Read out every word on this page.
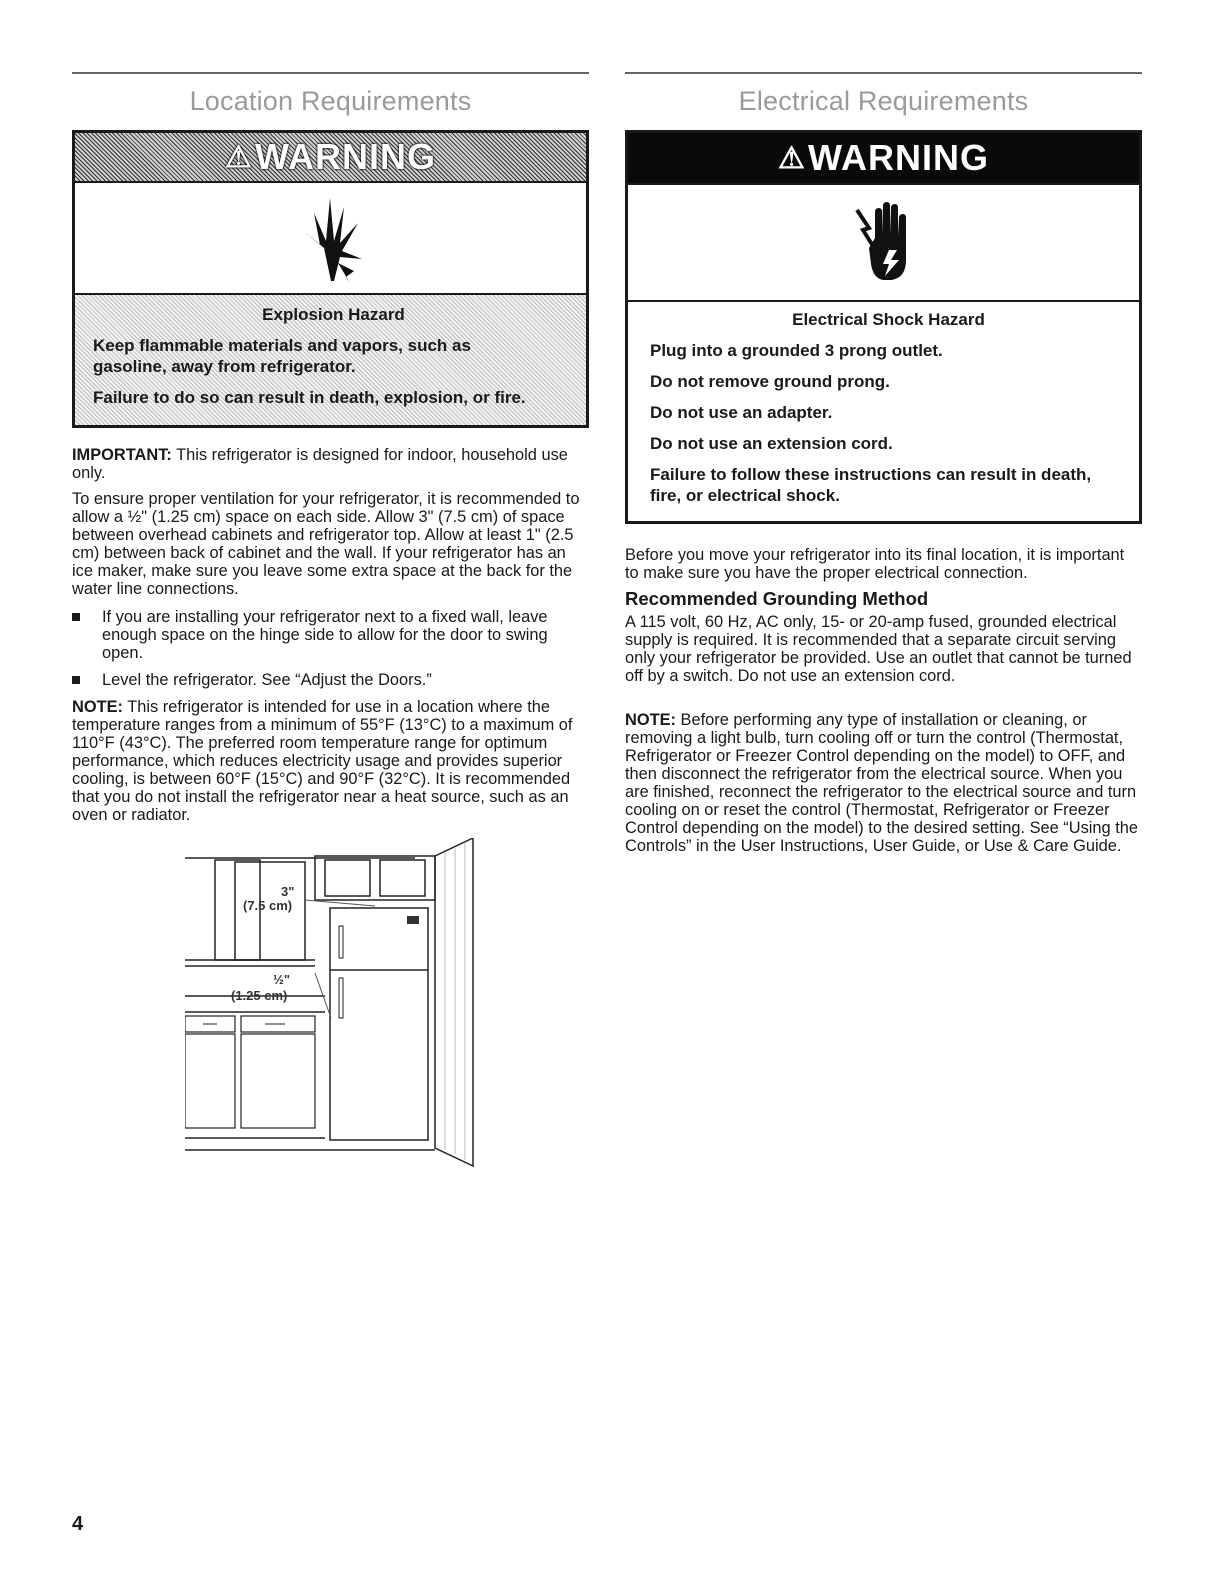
Location Requirements
⚠ WARNING

Explosion Hazard

Keep flammable materials and vapors, such as

gasoline, away from refrigerator.

Failure to do so can result in death, explosion, or fire.

IMPORTANT: This refrigerator is designed for indoor, household use only.

To ensure proper ventilation for your refrigerator, it is recommended to allow a ½" (1.25 cm) space on each side. Allow 3" (7.5 cm) of space between overhead cabinets and refrigerator top. Allow at least 1" (2.5 cm) between back of cabinet and the wall. If your refrigerator has an ice maker, make sure you leave some extra space at the back for the water line connections.

If you are installing your refrigerator next to a fixed wall, leave enough space on the hinge side to allow for the door to swing open.
Level the refrigerator. See “Adjust the Doors.”

NOTE: This refrigerator is intended for use in a location where the temperature ranges from a minimum of 55°F (13°C) to a maximum of 110°F (43°C). The preferred room temperature range for optimum performance, which reduces electricity usage and provides superior cooling, is between 60°F (15°C) and 90°F (32°C). It is recommended that you do not install the refrigerator near a heat source, such as an oven or radiator.

3"
(7.5 cm)
½"
(1.25 cm)
Electrical Requirements
⚠ WARNING

Electrical Shock Hazard

Plug into a grounded 3 prong outlet.

Do not remove ground prong.

Do not use an adapter.

Do not use an extension cord.

Failure to follow these instructions can result in death, fire, or electrical shock.

Before you move your refrigerator into its final location, it is important to make sure you have the proper electrical connection.

Recommended Grounding Method

A 115 volt, 60 Hz, AC only, 15- or 20-amp fused, grounded electrical supply is required. It is recommended that a separate circuit serving only your refrigerator be provided. Use an outlet that cannot be turned off by a switch. Do not use an extension cord.

NOTE: Before performing any type of installation or cleaning, or removing a light bulb, turn cooling off or turn the control (Thermostat, Refrigerator or Freezer Control depending on the model) to OFF, and then disconnect the refrigerator from the electrical source. When you are finished, reconnect the refrigerator to the electrical source and turn cooling on or reset the control (Thermostat, Refrigerator or Freezer Control depending on the model) to the desired setting. See “Using the Controls” in the User Instructions, User Guide, or Use & Care Guide.

4
